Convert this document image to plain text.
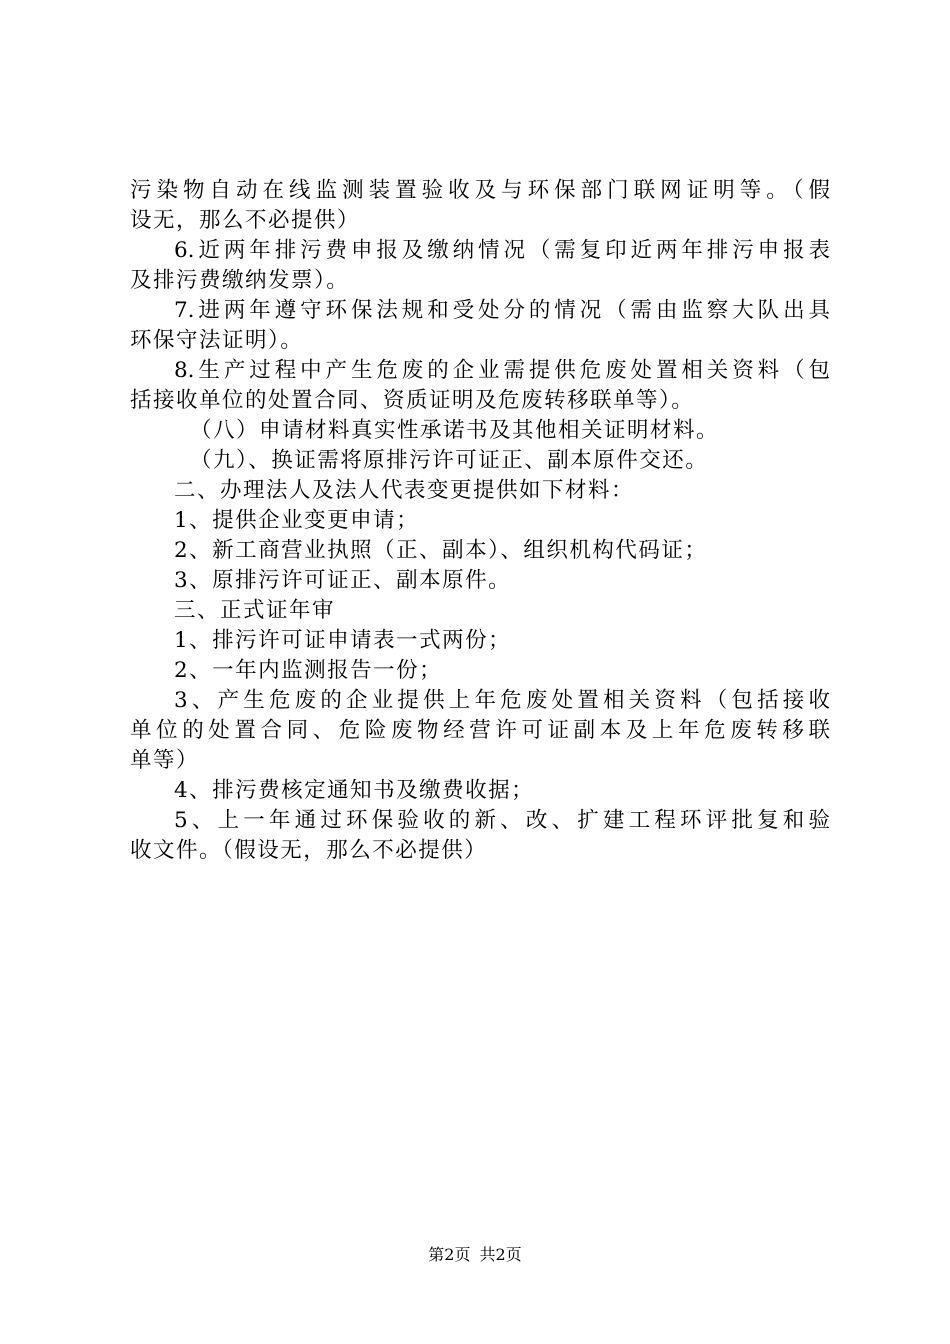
污染物自动在线监测装置验收及与环保部门联网证明等。（假
设无，那么不必提供）
6.近两年排污费申报及缴纳情况（需复印近两年排污申报表
及排污费缴纳发票）。
7.进两年遵守环保法规和受处分的情况（需由监察大队出具
环保守法证明）。
8.生产过程中产生危废的企业需提供危废处置相关资料（包
括接收单位的处置合同、资质证明及危废转移联单等）。
（八）申请材料真实性承诺书及其他相关证明材料。
（九）、换证需将原排污许可证正、副本原件交还。
二、办理法人及法人代表变更提供如下材料：
1、提供企业变更申请；
2、新工商营业执照（正、副本）、组织机构代码证；
3、原排污许可证正、副本原件。
三、正式证年审
1、排污许可证申请表一式两份；
2、一年内监测报告一份；
3、产生危废的企业提供上年危废处置相关资料（包括接收
单位的处置合同、危险废物经营许可证副本及上年危废转移联
单等）
4、排污费核定通知书及缴费收据；
5、上一年通过环保验收的新、改、扩建工程环评批复和验
收文件。（假设无，那么不必提供）
第2页 共2页
